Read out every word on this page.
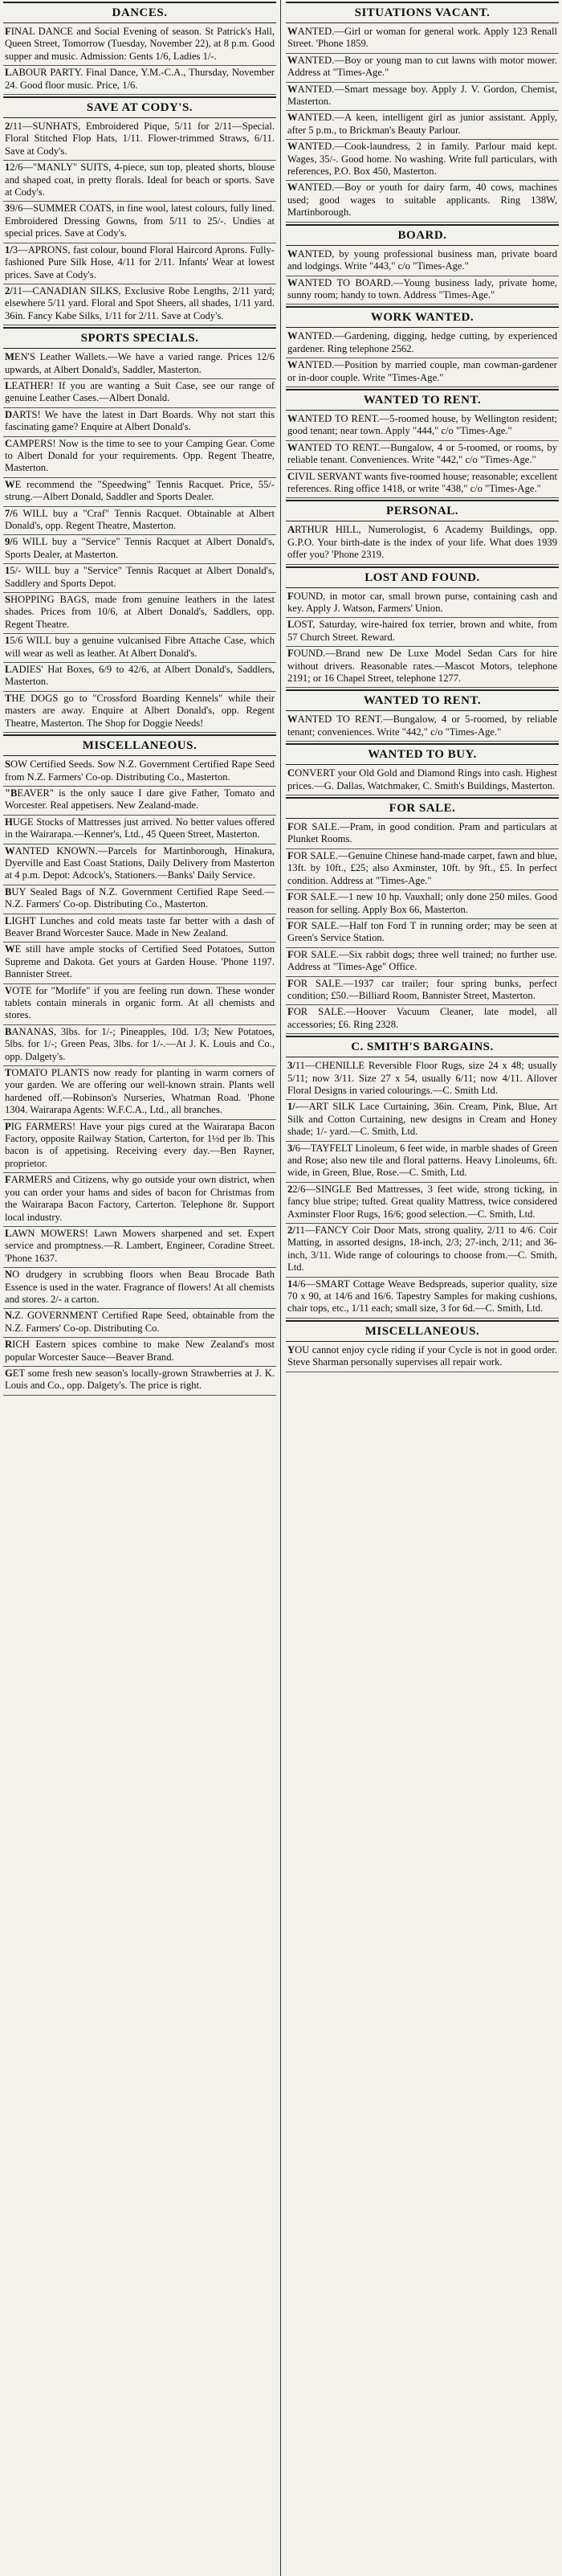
DANCES.
FINAL DANCE and Social Evening of season. St Patrick's Hall, Queen Street, Tomorrow (Tuesday, November 22), at 8 p.m. Good supper and music. Admission: Gents 1/6, Ladies 1/-.
LABOUR PARTY. Final Dance, Y.M.-C.A., Thursday, November 24. Good floor music. Price, 1/6.
SAVE AT CODY'S.
2/11—SUNHATS, Embroidered Pique, 5/11 for 2/11—Special. Floral Stitched Flop Hats, 1/11. Flower-trimmed Straws, 6/11. Save at Cody's.
12/6—"MANLY" SUITS, 4-piece, sun top, pleated shorts, blouse and shaped coat, in pretty florals. Ideal for beach or sports. Save at Cody's.
39/6—SUMMER COATS, in fine wool, latest colours, fully lined. Embroidered Dressing Gowns, from 5/11 to 25/-. Undies at special prices. Save at Cody's.
1/3—APRONS, fast colour, bound Floral Haircord Aprons. Fully-fashioned Pure Silk Hose, 4/11 for 2/11. Infants' Wear at lowest prices. Save at Cody's.
2/11—CANADIAN SILKS, Exclusive Robe Lengths, 2/11 yard; elsewhere 5/11 yard. Floral and Spot Sheers, all shades, 1/11 yard. 36in. Fancy Kabe Silks, 1/11 for 2/11. Save at Cody's.
SPORTS SPECIALS.
MEN'S Leather Wallets.—We have a varied range. Prices 12/6 upwards, at Albert Donald's, Saddler, Masterton.
LEATHER! If you are wanting a Suit Case, see our range of genuine Leather Cases.—Albert Donald.
DARTS! We have the latest in Dart Boards. Why not start this fascinating game? Enquire at Albert Donald's.
CAMPERS! Now is the time to see to your Camping Gear. Come to Albert Donald for your requirements. Opp. Regent Theatre, Masterton.
WE recommend the "Speedwing" Tennis Racquet. Price, 55/- strung.—Albert Donald, Saddler and Sports Dealer.
7/6 WILL buy a "Craf" Tennis Racquet. Obtainable at Albert Donald's, opp. Regent Theatre, Masterton.
9/6 WILL buy a "Service" Tennis Racquet at Albert Donald's, Sports Dealer, at Masterton.
15/- WILL buy a "Service" Tennis Racquet at Albert Donald's, Saddlery and Sports Depot.
SHOPPING BAGS, made from genuine leathers in the latest shades. Prices from 10/6, at Albert Donald's, Saddlers, opp. Regent Theatre.
15/6 WILL buy a genuine vulcanised Fibre Attache Case, which will wear as well as leather. At Albert Donald's.
LADIES' Hat Boxes, 6/9 to 42/6, at Albert Donald's, Saddlers, Masterton.
THE DOGS go to "Crossford Boarding Kennels" while their masters are away. Enquire at Albert Donald's, opp. Regent Theatre, Masterton. The Shop for Doggie Needs!
MISCELLANEOUS.
SOW Certified Seeds. Sow N.Z. Government Certified Rape Seed from N.Z. Farmers' Co-op. Distributing Co., Masterton.
"BEAVER" is the only sauce I dare give Father, Tomato and Worcester. Real appetisers. New Zealand-made.
HUGE Stocks of Mattresses just arrived. No better values offered in the Wairarapa.—Kenner's, Ltd., 45 Queen Street, Masterton.
WANTED KNOWN.—Parcels for Martinborough, Hinakura, Dyerville and East Coast Stations, Daily Delivery from Masterton at 4 p.m. Depot: Adcock's, Stationers.—Banks' Daily Service.
BUY Sealed Bags of N.Z. Government Certified Rape Seed.—N.Z. Farmers' Co-op. Distributing Co., Masterton.
LIGHT Lunches and cold meats taste far better with a dash of Beaver Brand Worcester Sauce. Made in New Zealand.
WE still have ample stocks of Certified Seed Potatoes, Sutton Supreme and Dakota. Get yours at Garden House. 'Phone 1197. Bannister Street.
VOTE for "Morlife" if you are feeling run down. These wonder tablets contain minerals in organic form. At all chemists and stores.
BANANAS, 3lbs. for 1/-; Pineapples, 10d. 1/3; New Potatoes, 5lbs. for 1/-; Green Peas, 3lbs. for 1/-.—At J. K. Louis and Co., opp. Dalgety's.
TOMATO PLANTS now ready for planting in warm corners of your garden. We are offering our well-known strain. Plants well hardened off.—Robinson's Nurseries, Whatman Road. 'Phone 1304. Wairarapa Agents: W.F.C.A., Ltd., all branches.
PIG FARMERS! Have your pigs cured at the Wairarapa Bacon Factory, opposite Railway Station, Carterton, for 1½d per lb. This bacon is of appetising. Receiving every day.—Ben Rayner, proprietor.
FARMERS and Citizens, why go outside your own district, when you can order your hams and sides of bacon for Christmas from the Wairarapa Bacon Factory, Carterton. Telephone 8r. Support local industry.
LAWN MOWERS! Lawn Mowers sharpened and set. Expert service and promptness.—R. Lambert, Engineer, Coradine Street. 'Phone 1637.
NO drudgery in scrubbing floors when Beau Brocade Bath Essence is used in the water. Fragrance of flowers! At all chemists and stores. 2/- a carton.
N.Z. GOVERNMENT Certified Rape Seed, obtainable from the N.Z. Farmers' Co-op. Distributing Co.
RICH Eastern spices combine to make New Zealand's most popular Worcester Sauce—Beaver Brand.
GET some fresh new season's locally-grown Strawberries at J. K. Louis and Co., opp. Dalgety's. The price is right.
SITUATIONS VACANT.
WANTED.—Girl or woman for general work. Apply 123 Renall Street. 'Phone 1859.
WANTED.—Boy or young man to cut lawns with motor mower. Address at "Times-Age."
WANTED.—Smart message boy. Apply J. V. Gordon, Chemist, Masterton.
WANTED.—A keen, intelligent girl as junior assistant. Apply, after 5 p.m., to Brickman's Beauty Parlour.
WANTED.—Cook-laundress, 2 in family. Parlour maid kept. Wages, 35/-. Good home. No washing. Write full particulars, with references, P.O. Box 450, Masterton.
WANTED.—Boy or youth for dairy farm, 40 cows, machines used; good wages to suitable applicants. Ring 138W, Martinborough.
BOARD.
WANTED, by young professional business man, private board and lodgings. Write "443," c/o "Times-Age."
WANTED TO BOARD.—Young business lady, private home, sunny room; handy to town. Address "Times-Age."
WORK WANTED.
WANTED.—Gardening, digging, hedge cutting, by experienced gardener. Ring telephone 2562.
WANTED.—Position by married couple, man cowman-gardener or in-door couple. Write "Times-Age."
WANTED TO RENT.
WANTED TO RENT.—5-roomed house, by Wellington resident; good tenant; near town. Apply "444," c/o "Times-Age."
WANTED TO RENT.—Bungalow, 4 or 5-roomed, or rooms, by reliable tenant. Conveniences. Write "442," c/o "Times-Age."
CIVIL SERVANT wants five-roomed house; reasonable; excellent references. Ring office 1418, or write "438," c/o "Times-Age."
PERSONAL.
ARTHUR HILL, Numerologist, 6 Academy Buildings, opp. G.P.O. Your birth-date is the index of your life. What does 1939 offer you? 'Phone 2319.
LOST AND FOUND.
FOUND, in motor car, small brown purse, containing cash and key. Apply J. Watson, Farmers' Union.
LOST, Saturday, wire-haired fox terrier, brown and white, from 57 Church Street. Reward.
FOUND.—Brand new De Luxe Model Sedan Cars for hire without drivers. Reasonable rates.—Mascot Motors, telephone 2191; or 16 Chapel Street, telephone 1277.
WANTED TO RENT.
WANTED TO RENT.—Bungalow, 4 or 5-roomed, by reliable tenant; conveniences. Write "442," c/o "Times-Age."
WANTED TO BUY.
CONVERT your Old Gold and Diamond Rings into cash. Highest prices.—G. Dallas, Watchmaker, C. Smith's Buildings, Masterton.
FOR SALE.
FOR SALE.—Pram, in good condition. Pram and particulars at Plunket Rooms.
FOR SALE.—Genuine Chinese hand-made carpet, fawn and blue, 13ft. by 10ft., £25; also Axminster, 10ft. by 9ft., £5. In perfect condition. Address at "Times-Age."
FOR SALE.—1 new 10 hp. Vauxhall; only done 250 miles. Good reason for selling. Apply Box 66, Masterton.
FOR SALE.—Half ton Ford T in running order; may be seen at Green's Service Station.
FOR SALE.—Six rabbit dogs; three well trained; no further use. Address at "Times-Age" Office.
FOR SALE.—1937 car trailer; four spring bunks, perfect condition; £50.—Billiard Room, Bannister Street, Masterton.
FOR SALE.—Hoover Vacuum Cleaner, late model, all accessories; £6. Ring 2328.
C. SMITH'S BARGAINS.
3/11—CHENILLE Reversible Floor Rugs, size 24 x 48; usually 5/11; now 3/11. Size 27 x 54, usually 6/11; now 4/11. Allover Floral Designs in varied colourings.—C. Smith Ltd.
1/-—ART SILK Lace Curtaining, 36in. Cream, Pink, Blue, Art Silk and Cotton Curtaining, new designs in Cream and Honey shade; 1/- yard.—C. Smith, Ltd.
3/6—TAYFELT Linoleum, 6 feet wide, in marble shades of Green and Rose; also new tile and floral patterns. Heavy Linoleums, 6ft. wide, in Green, Blue, Rose.—C. Smith, Ltd.
22/6—SINGLE Bed Mattresses, 3 feet wide, strong ticking, in fancy blue stripe; tufted. Great quality Mattress, twice considered Axminster Floor Rugs, 16/6; good selection.—C. Smith, Ltd.
2/11—FANCY Coir Door Mats, strong quality, 2/11 to 4/6. Coir Matting, in assorted designs, 18-inch, 2/3; 27-inch, 2/11; and 36-inch, 3/11. Wide range of colourings to choose from.—C. Smith, Ltd.
14/6—SMART Cottage Weave Bedspreads, superior quality, size 70 x 90, at 14/6 and 16/6. Tapestry Samples for making cushions, chair tops, etc., 1/11 each; small size, 3 for 6d.—C. Smith, Ltd.
MISCELLANEOUS.
YOU cannot enjoy cycle riding if your Cycle is not in good order. Steve Sharman personally supervises all repair work.
